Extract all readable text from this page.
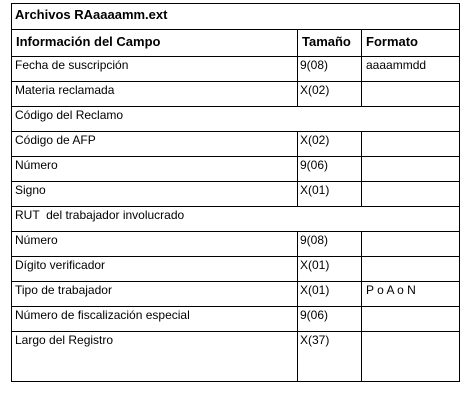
Archivos RAaaaamm.ext		
Información del Campo	Tamaño	Formato
Fecha de suscripción	9(08)	aaaammdd
Materia reclamada	X(02)	
Código del Reclamo		
Código de AFP	X(02)	
Número	9(06)	
Signo	X(01)	
RUT  del trabajador involucrado		
Número	9(08)	
Dígito verificador	X(01)	
Tipo de trabajador	X(01)	P o A o N
Número de fiscalización especial	9(06)	
Largo del Registro	X(37)	
